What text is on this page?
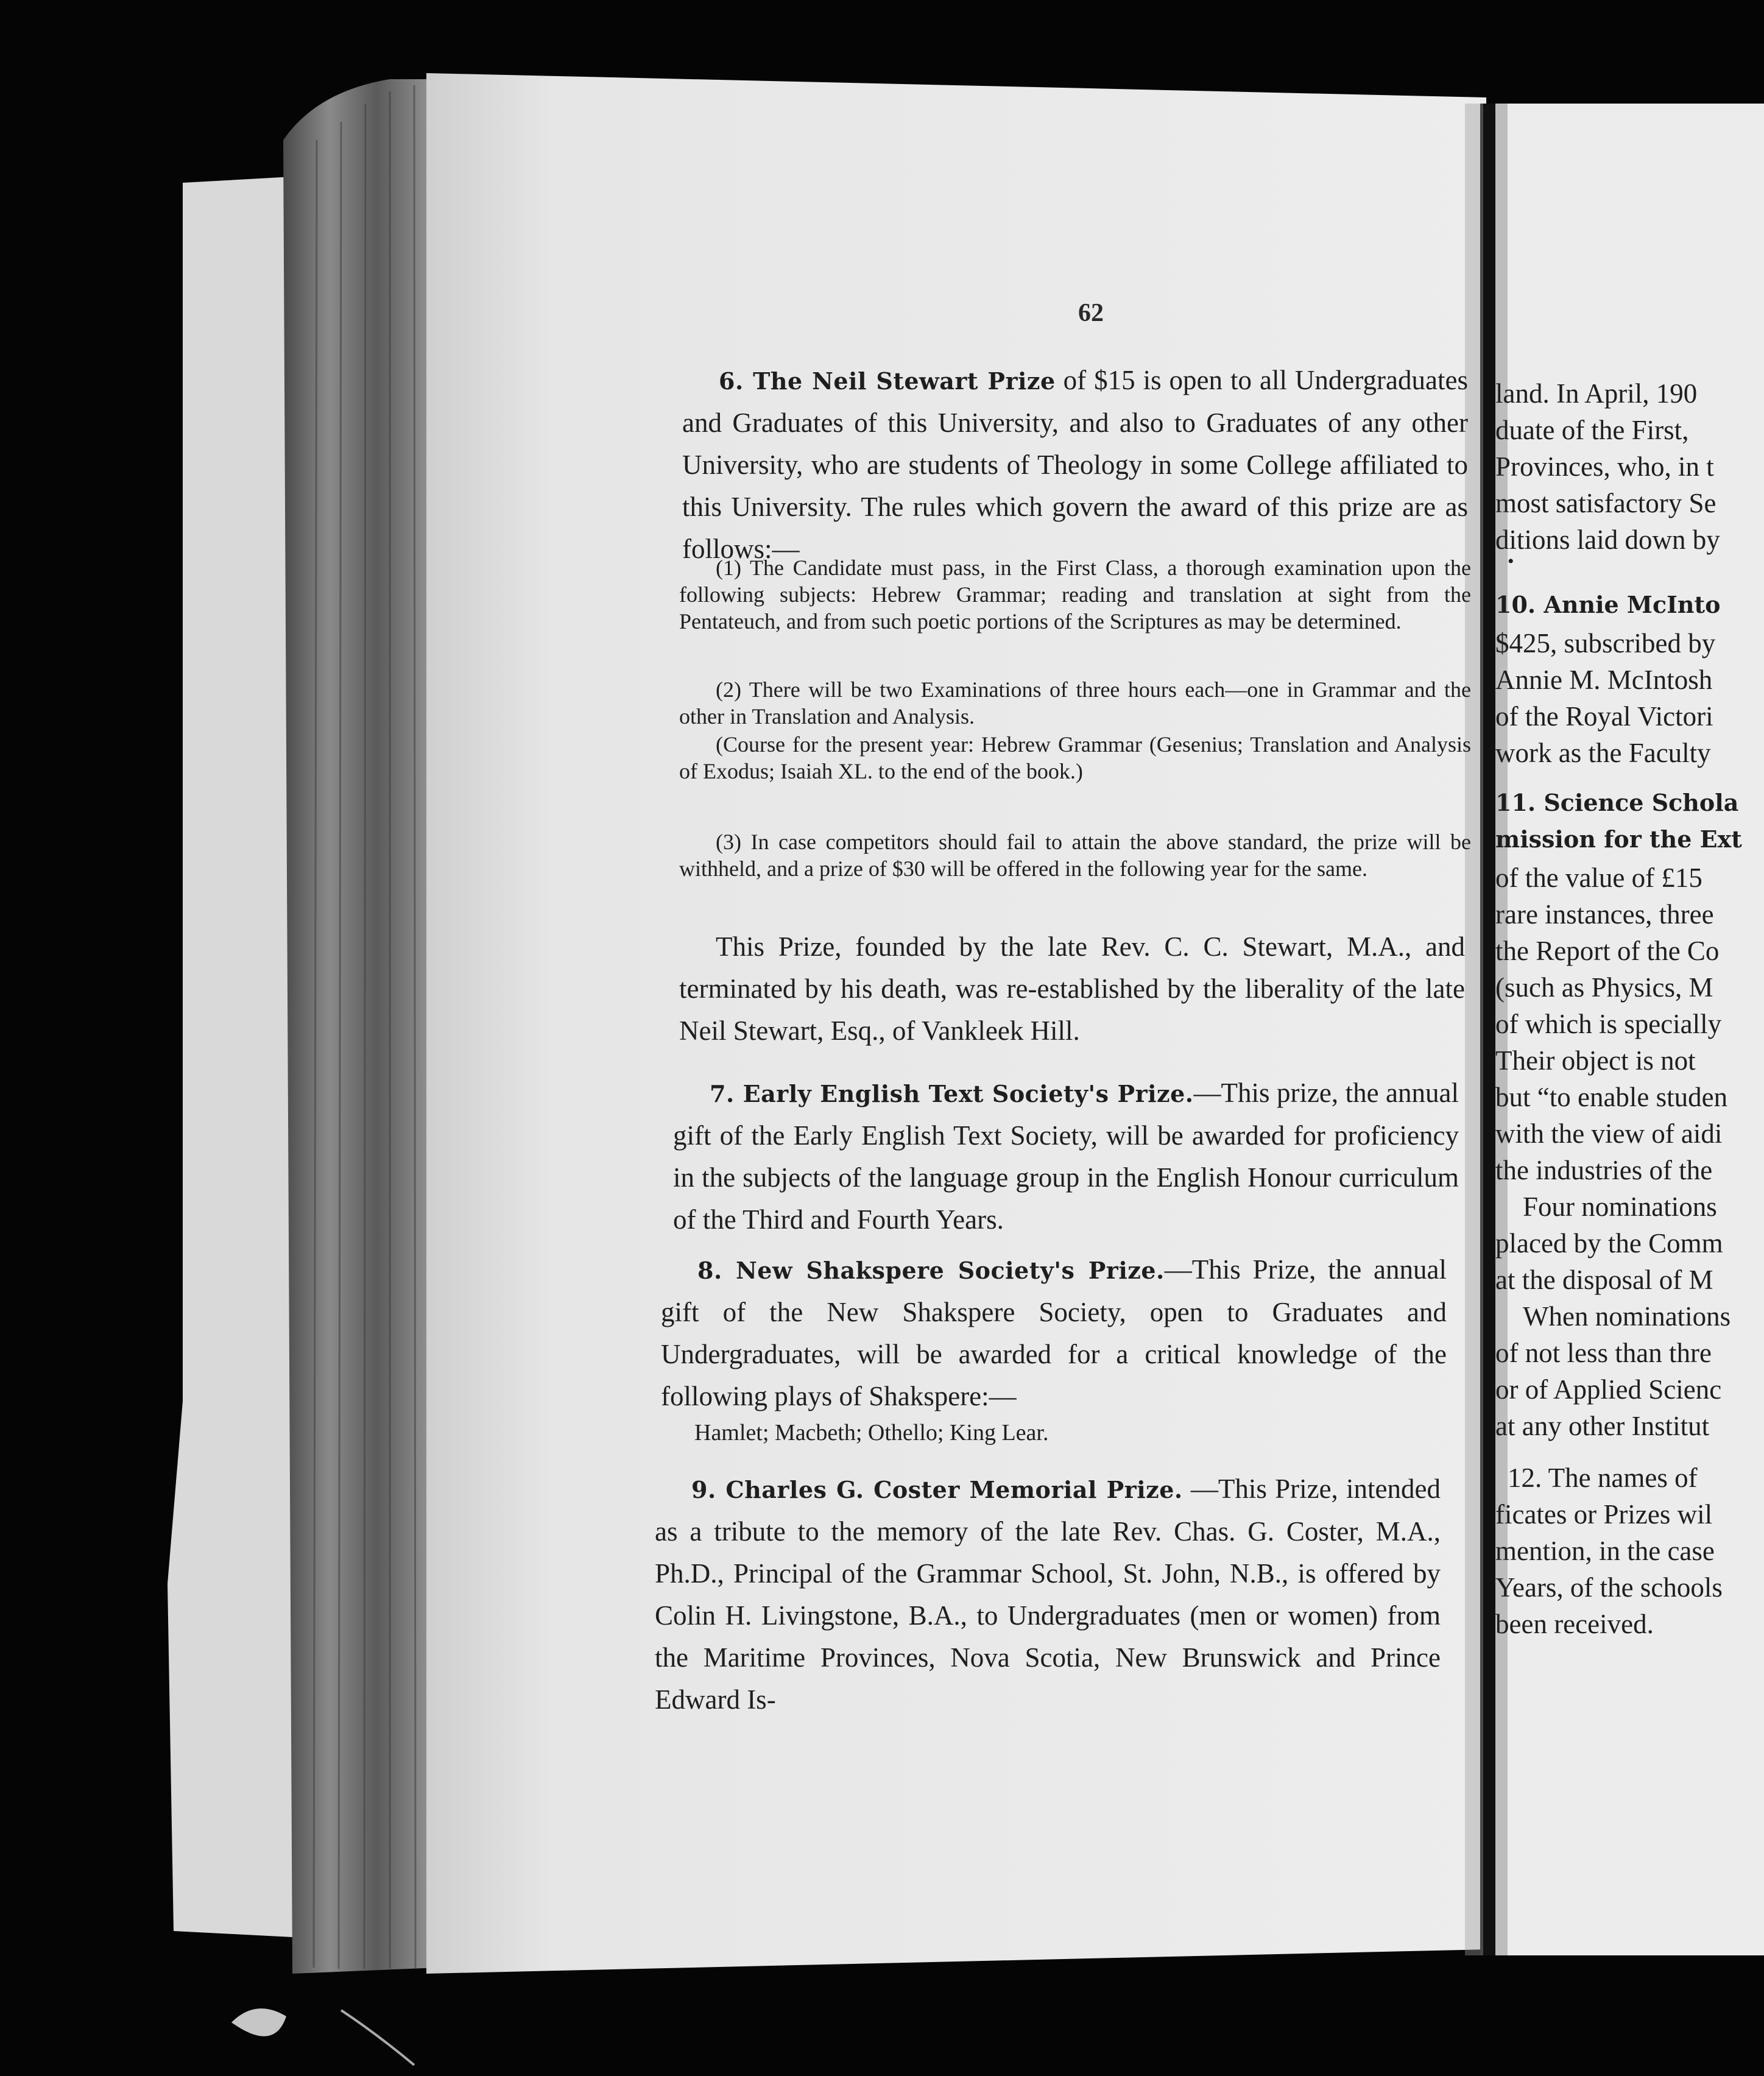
62

6. The Neil Stewart Prize of $15 is open to all Undergraduates and Graduates of this University, and also to Graduates of any other University, who are students of Theology in some College affiliated to this University. The rules which govern the award of this prize are as follows:—

(1) The Candidate must pass, in the First Class, a thorough examination upon the following subjects: Hebrew Grammar; reading and translation at sight from the Pentateuch, and from such poetic portions of the Scriptures as may be determined.

(2) There will be two Examinations of three hours each—one in Grammar and the other in Translation and Analysis.

(Course for the present year: Hebrew Grammar (Gesenius; Translation and Analysis of Exodus; Isaiah XL. to the end of the book.)

(3) In case competitors should fail to attain the above standard, the prize will be withheld, and a prize of $30 will be offered in the following year for the same.

This Prize, founded by the late Rev. C. C. Stewart, M.A., and terminated by his death, was re-established by the liberality of the late Neil Stewart, Esq., of Vankleek Hill.

7. Early English Text Society's Prize.—This prize, the annual gift of the Early English Text Society, will be awarded for proficiency in the subjects of the language group in the English Honour curriculum of the Third and Fourth Years.

8. New Shakspere Society's Prize.—This Prize, the annual gift of the New Shakspere Society, open to Graduates and Undergraduates, will be awarded for a critical knowledge of the following plays of Shakspere:—

Hamlet; Macbeth; Othello; King Lear.

9. Charles G. Coster Memorial Prize. —This Prize, intended as a tribute to the memory of the late Rev. Chas. G. Coster, M.A., Ph.D., Principal of the Grammar School, St. John, N.B., is offered by Colin H. Livingstone, B.A., to Undergraduates (men or women) from the Maritime Provinces, Nova Scotia, New Brunswick and Prince Edward Is-

land. In April, 190
duate of the First,
Provinces, who, in t
most satisfactory Se
ditions laid down by
•
10. Annie McInto
$425, subscribed by
Annie M. McIntosh
of the Royal Victori
work as the Faculty
11. Science Schola
mission for the Ext
of the value of £15
rare instances, three
the Report of the Co
(such as Physics, M
of which is specially
Their object is not
but “to enable studen
with the view of aidi
the industries of the
Four nominations
placed by the Comm
at the disposal of M
When nominations
of not less than thre
or of Applied Scienc
at any other Institut
12. The names of
ficates or Prizes wil
mention, in the case
Years, of the schools
been received.
